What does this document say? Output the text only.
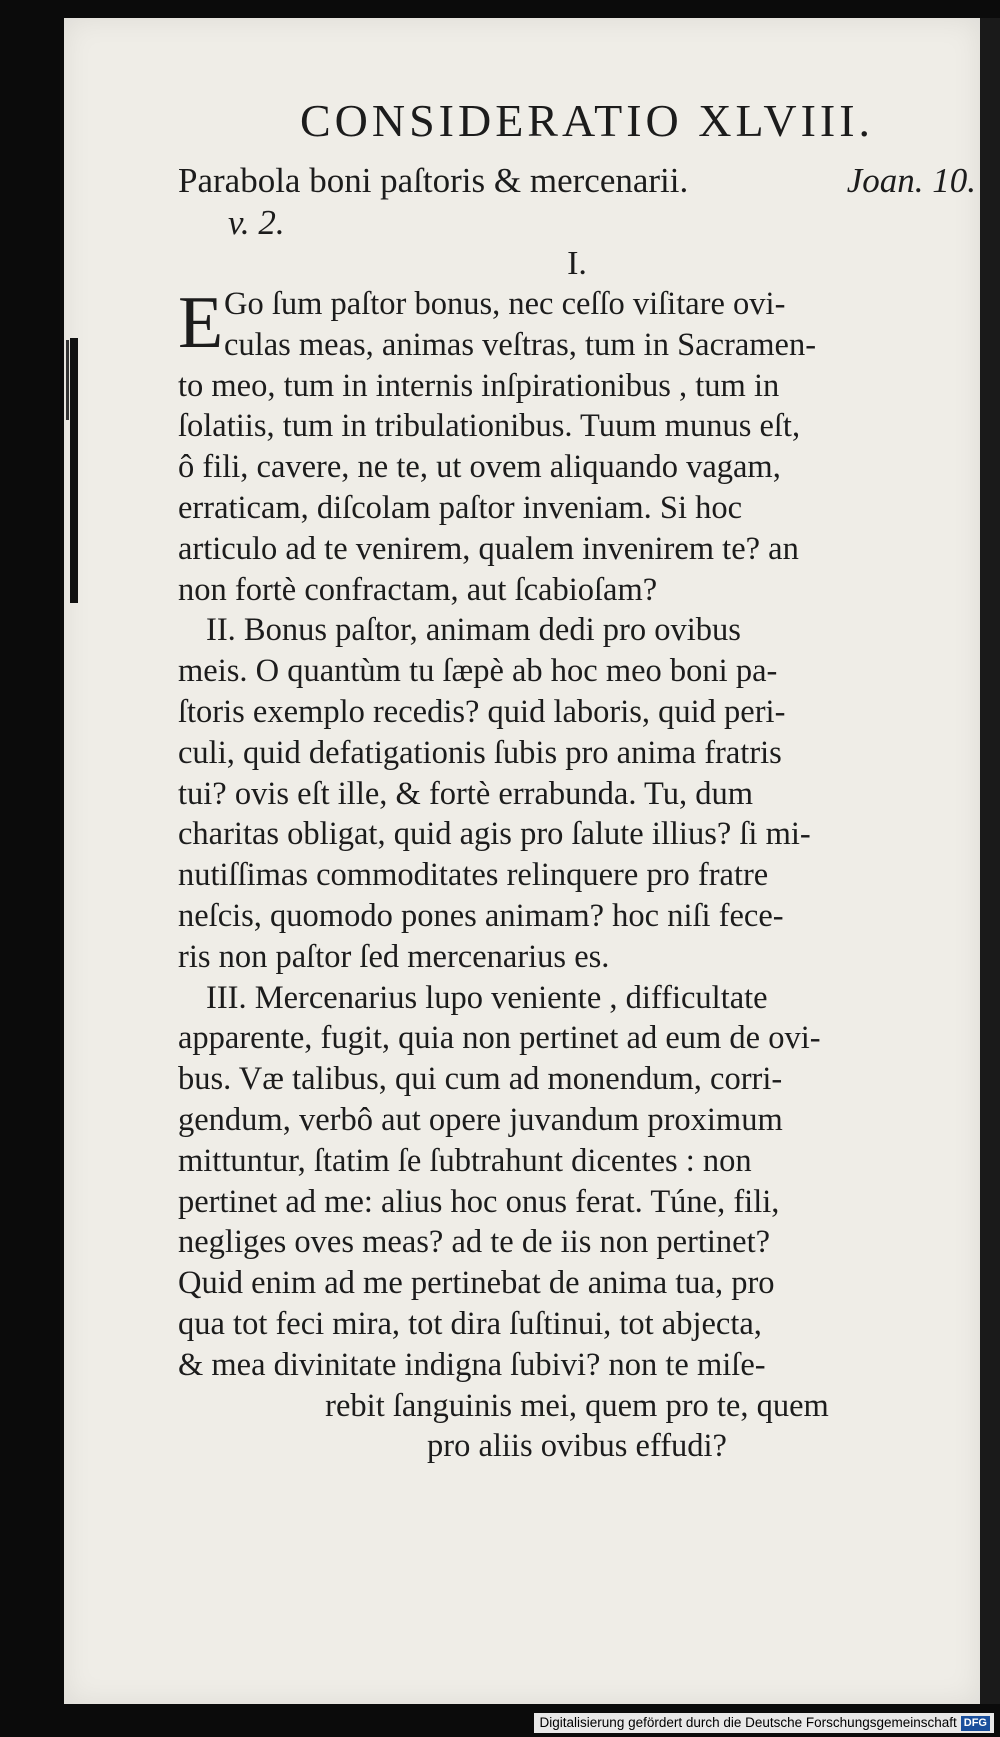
CONSIDERATIO XLVIII.
Parabola boni paſtoris & mercenarii.	Joan. 10.
v. 2.

I.

E Go ſum paſtor bonus, nec ceſſo viſitare ovi-
culas meas, animas veſtras, tum in Sacramen-
to meo, tum in internis inſpirationibus , tum in
ſolatiis, tum in tribulationibus. Tuum munus eſt,
ô fili, cavere, ne te, ut ovem aliquando vagam,
erraticam, diſcolam paſtor inveniam. Si hoc
articulo ad te venirem, qualem invenirem te? an
non fortè confractam, aut ſcabioſam?
II. Bonus paſtor, animam dedi pro ovibus
meis. O quantùm tu ſæpè ab hoc meo boni pa-
ſtoris exemplo recedis? quid laboris, quid peri-
culi, quid defatigationis ſubis pro anima fratris
tui? ovis eſt ille, & fortè errabunda. Tu, dum
charitas obligat, quid agis pro ſalute illius? ſi mi-
nutiſſimas commoditates relinquere pro fratre
neſcis, quomodo pones animam? hoc niſi fece-
ris non paſtor ſed mercenarius es.
III. Mercenarius lupo veniente , difficultate
apparente, fugit, quia non pertinet ad eum de ovi-
bus. Væ talibus, qui cum ad monendum, corri-
gendum, verbô aut opere juvandum proximum
mittuntur, ſtatim ſe ſubtrahunt dicentes : non
pertinet ad me: alius hoc onus ferat. Túne, fili,
negliges oves meas? ad te de iis non pertinet?
Quid enim ad me pertinebat de anima tua, pro
qua tot feci mira, tot dira ſuſtinui, tot abjecta,
& mea divinitate indigna ſubivi? non te miſe-
rebit ſanguinis mei, quem pro te, quem
pro aliis ovibus effudi?
Digitalisierung gefördert durch die Deutsche Forschungsgemeinschaft DFG
